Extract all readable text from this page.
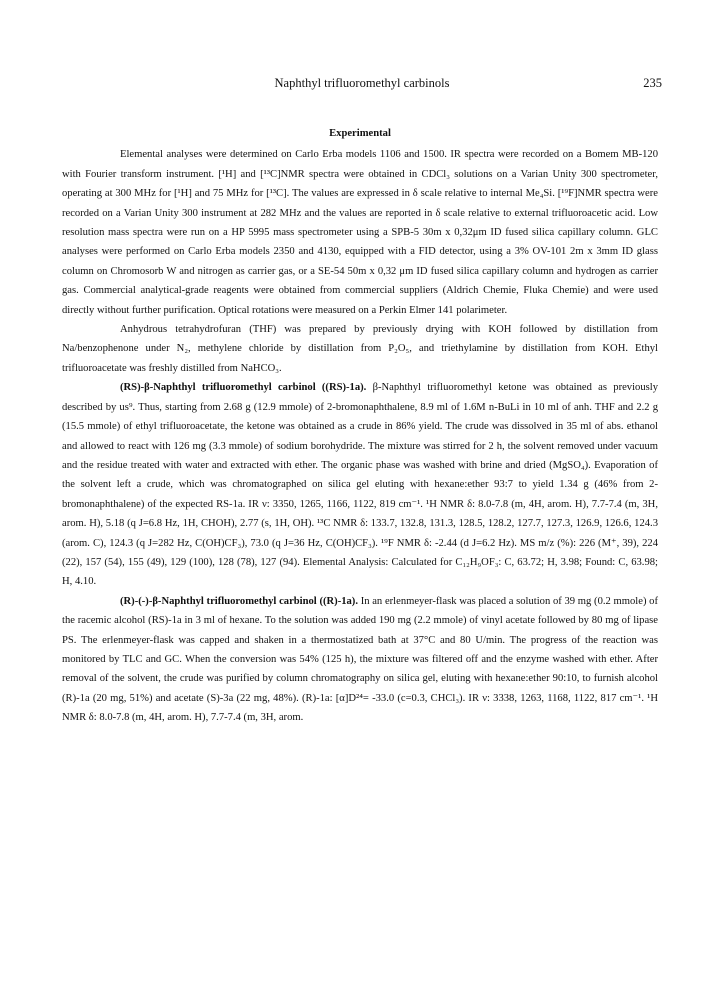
Naphthyl trifluoromethyl carbinols	235
Experimental

Elemental analyses were determined on Carlo Erba models 1106 and 1500. IR spectra were recorded on a Bomem MB-120 with Fourier transform instrument. [¹H] and [¹³C]NMR spectra were obtained in CDCl₃ solutions on a Varian Unity 300 spectrometer, operating at 300 MHz for [¹H] and 75 MHz for [¹³C]. The values are expressed in δ scale relative to internal Me₄Si. [¹⁹F]NMR spectra were recorded on a Varian Unity 300 instrument at 282 MHz and the values are reported in δ scale relative to external trifluoroacetic acid. Low resolution mass spectra were run on a HP 5995 mass spectrometer using a SPB-5 30m x 0,32μm ID fused silica capillary column. GLC analyses were performed on Carlo Erba models 2350 and 4130, equipped with a FID detector, using a 3% OV-101 2m x 3mm ID glass column on Chromosorb W and nitrogen as carrier gas, or a SE-54 50m x 0,32 μm ID fused silica capillary column and hydrogen as carrier gas. Commercial analytical-grade reagents were obtained from commercial suppliers (Aldrich Chemie, Fluka Chemie) and were used directly without further purification. Optical rotations were measured on a Perkin Elmer 141 polarimeter.

Anhydrous tetrahydrofuran (THF) was prepared by previously drying with KOH followed by distillation from Na/benzophenone under N₂, methylene chloride by distillation from P₂O₅, and triethylamine by distillation from KOH. Ethyl trifluoroacetate was freshly distilled from NaHCO₃.

(RS)-β-Naphthyl trifluoromethyl carbinol ((RS)-1a). β-Naphthyl trifluoromethyl ketone was obtained as previously described by us⁹. Thus, starting from 2.68 g (12.9 mmole) of 2-bromonaphthalene, 8.9 ml of 1.6M n-BuLi in 10 ml of anh. THF and 2.2 g (15.5 mmole) of ethyl trifluoroacetate, the ketone was obtained as a crude in 86% yield. The crude was dissolved in 35 ml of abs. ethanol and allowed to react with 126 mg (3.3 mmole) of sodium borohydride. The mixture was stirred for 2 h, the solvent removed under vacuum and the residue treated with water and extracted with ether. The organic phase was washed with brine and dried (MgSO₄). Evaporation of the solvent left a crude, which was chromatographed on silica gel eluting with hexane:ether 93:7 to yield 1.34 g (46% from 2-bromonaphthalene) of the expected RS-1a. IR ν: 3350, 1265, 1166, 1122, 819 cm⁻¹. ¹H NMR δ: 8.0-7.8 (m, 4H, arom. H), 7.7-7.4 (m, 3H, arom. H), 5.18 (q J=6.8 Hz, 1H, CHOH), 2.77 (s, 1H, OH). ¹³C NMR δ: 133.7, 132.8, 131.3, 128.5, 128.2, 127.7, 127.3, 126.9, 126.6, 124.3 (arom. C), 124.3 (q J=282 Hz, C(OH)CF₃), 73.0 (q J=36 Hz, C(OH)CF₃). ¹⁹F NMR δ: -2.44 (d J=6.2 Hz). MS m/z (%): 226 (M⁺, 39), 224 (22), 157 (54), 155 (49), 129 (100), 128 (78), 127 (94). Elemental Analysis: Calculated for C₁₂H₉OF₃: C, 63.72; H, 3.98; Found: C, 63.98; H, 4.10.

(R)-(-)-β-Naphthyl trifluoromethyl carbinol ((R)-1a). In an erlenmeyer-flask was placed a solution of 39 mg (0.2 mmole) of the racemic alcohol (RS)-1a in 3 ml of hexane. To the solution was added 190 mg (2.2 mmole) of vinyl acetate followed by 80 mg of lipase PS. The erlenmeyer-flask was capped and shaken in a thermostatized bath at 37°C and 80 U/min. The progress of the reaction was monitored by TLC and GC. When the conversion was 54% (125 h), the mixture was filtered off and the enzyme washed with ether. After removal of the solvent, the crude was purified by column chromatography on silica gel, eluting with hexane:ether 90:10, to furnish alcohol (R)-1a (20 mg, 51%) and acetate (S)-3a (22 mg, 48%). (R)-1a: [α]D²⁴= -33.0 (c=0.3, CHCl₃). IR ν: 3338, 1263, 1168, 1122, 817 cm⁻¹. ¹H NMR δ: 8.0-7.8 (m, 4H, arom. H), 7.7-7.4 (m, 3H, arom.
